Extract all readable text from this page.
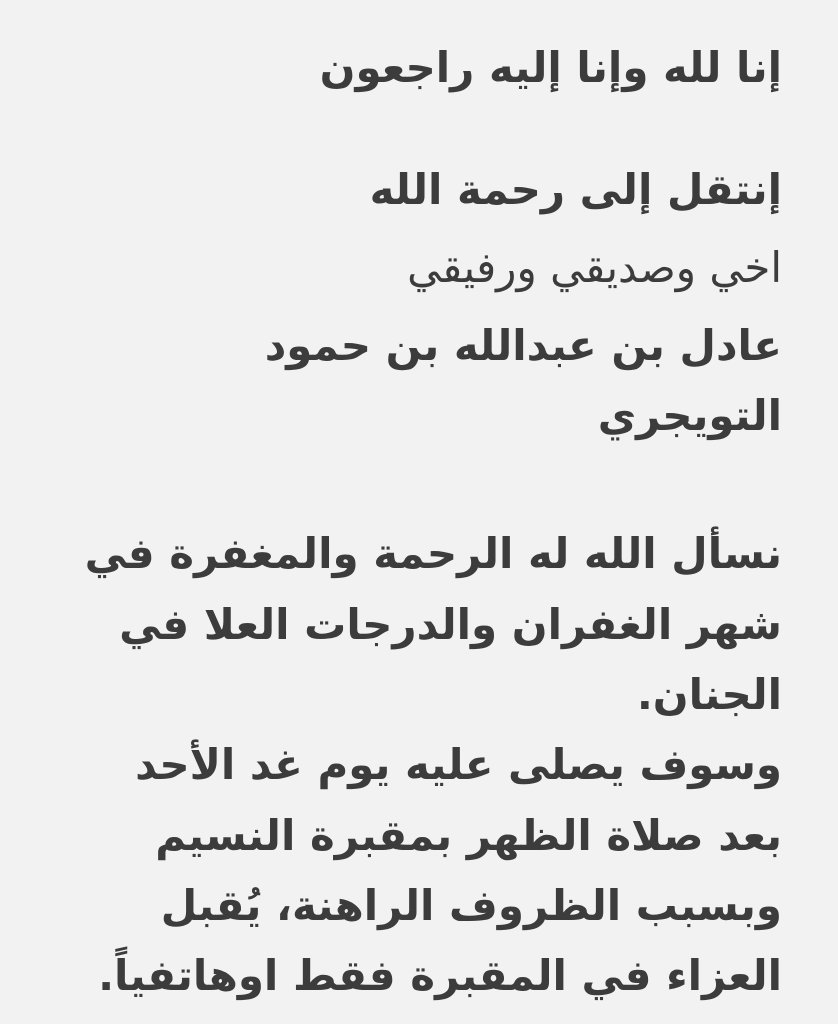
إنا لله وإنا إليه راجعون
إنتقل إلى رحمة الله
اخي وصديقي ورفيقي
عادل بن عبدالله بن حمود
التويجري
نسأل الله له الرحمة والمغفرة في
شهر الغفران والدرجات العلا في
الجنان.
وسوف يصلى عليه يوم غد الأحد
بعد صلاة الظهر بمقبرة النسيم
وبسبب الظروف الراهنة، يُقبل
العزاء في المقبرة فقط اوهاتفياً.
